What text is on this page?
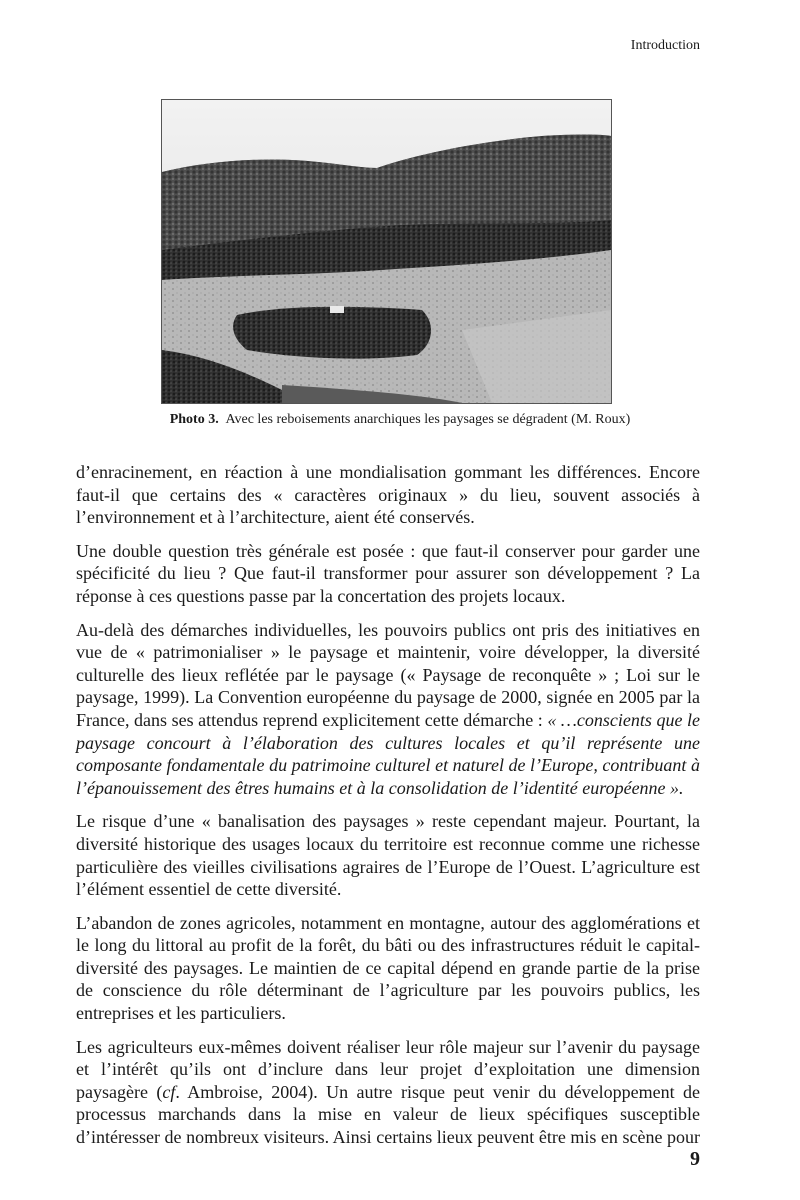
Introduction
Photo 3. Avec les reboisements anarchiques les paysages se dégradent (M. Roux)

d’enracinement, en réaction à une mondialisation gommant les différences. Encore faut-il que certains des « caractères originaux » du lieu, souvent associés à l’environnement et à l’architecture, aient été conservés.

Une double question très générale est posée : que faut-il conserver pour garder une spécificité du lieu ? Que faut-il transformer pour assurer son développement ? La réponse à ces questions passe par la concertation des projets locaux.

Au-delà des démarches individuelles, les pouvoirs publics ont pris des initiatives en vue de « patrimonialiser » le paysage et maintenir, voire développer, la diversité culturelle des lieux reflétée par le paysage (« Paysage de reconquête » ; Loi sur le paysage, 1999). La Convention européenne du paysage de 2000, signée en 2005 par la France, dans ses attendus reprend explicitement cette démarche : « …conscients que le paysage concourt à l’élaboration des cultures locales et qu’il représente une composante fondamentale du patrimoine culturel et naturel de l’Europe, contribuant à l’épanouissement des êtres humains et à la consolidation de l’identité européenne ».

Le risque d’une « banalisation des paysages » reste cependant majeur. Pourtant, la diversité historique des usages locaux du territoire est reconnue comme une richesse particulière des vieilles civilisations agraires de l’Europe de l’Ouest. L’agriculture est l’élément essentiel de cette diversité.

L’abandon de zones agricoles, notamment en montagne, autour des agglomérations et le long du littoral au profit de la forêt, du bâti ou des infrastructures réduit le capital-diversité des paysages. Le maintien de ce capital dépend en grande partie de la prise de conscience du rôle déterminant de l’agriculture par les pouvoirs publics, les entreprises et les particuliers.

Les agriculteurs eux-mêmes doivent réaliser leur rôle majeur sur l’avenir du paysage et l’intérêt qu’ils ont d’inclure dans leur projet d’exploitation une dimension paysagère (cf. Ambroise, 2004). Un autre risque peut venir du développement de processus marchands dans la mise en valeur de lieux spécifiques susceptible d’intéresser de nombreux visiteurs. Ainsi certains lieux peuvent être mis en scène pour

9
